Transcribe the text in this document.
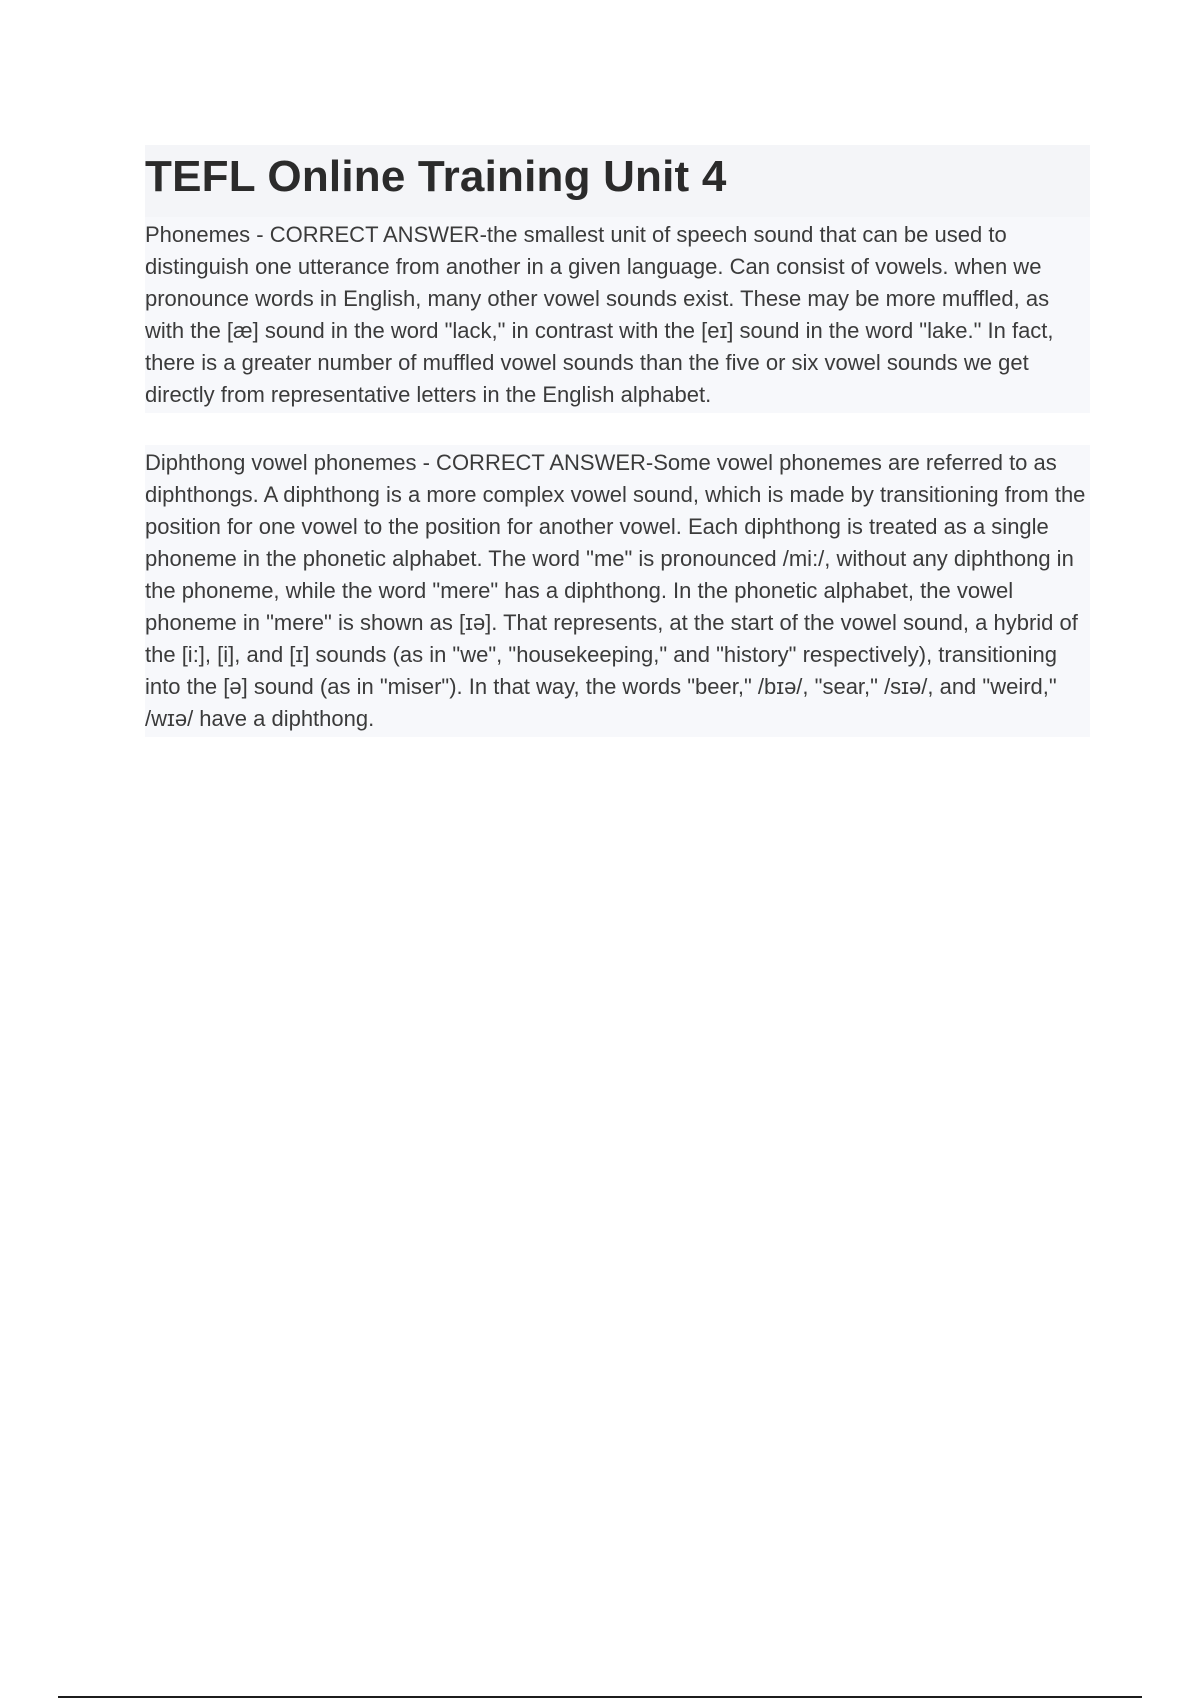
TEFL Online Training Unit 4

Phonemes - CORRECT ANSWER-the smallest unit of speech sound that can be used to distinguish one utterance from another in a given language. Can consist of vowels. when we pronounce words in English, many other vowel sounds exist. These may be more muffled, as with the [æ] sound in the word "lack," in contrast with the [eɪ] sound in the word "lake." In fact, there is a greater number of muffled vowel sounds than the five or six vowel sounds we get directly from representative letters in the English alphabet.

Diphthong vowel phonemes - CORRECT ANSWER-Some vowel phonemes are referred to as diphthongs. A diphthong is a more complex vowel sound, which is made by transitioning from the position for one vowel to the position for another vowel. Each diphthong is treated as a single phoneme in the phonetic alphabet. The word "me" is pronounced /mi:/, without any diphthong in the phoneme, while the word "mere" has a diphthong. In the phonetic alphabet, the vowel phoneme in "mere" is shown as [ɪə]. That represents, at the start of the vowel sound, a hybrid of the [i:], [i], and [ɪ] sounds (as in "we", "housekeeping," and "history" respectively), transitioning into the [ə] sound (as in "miser"). In that way, the words "beer," /bɪə/, "sear," /sɪə/, and "weird," /wɪə/ have a diphthong.
